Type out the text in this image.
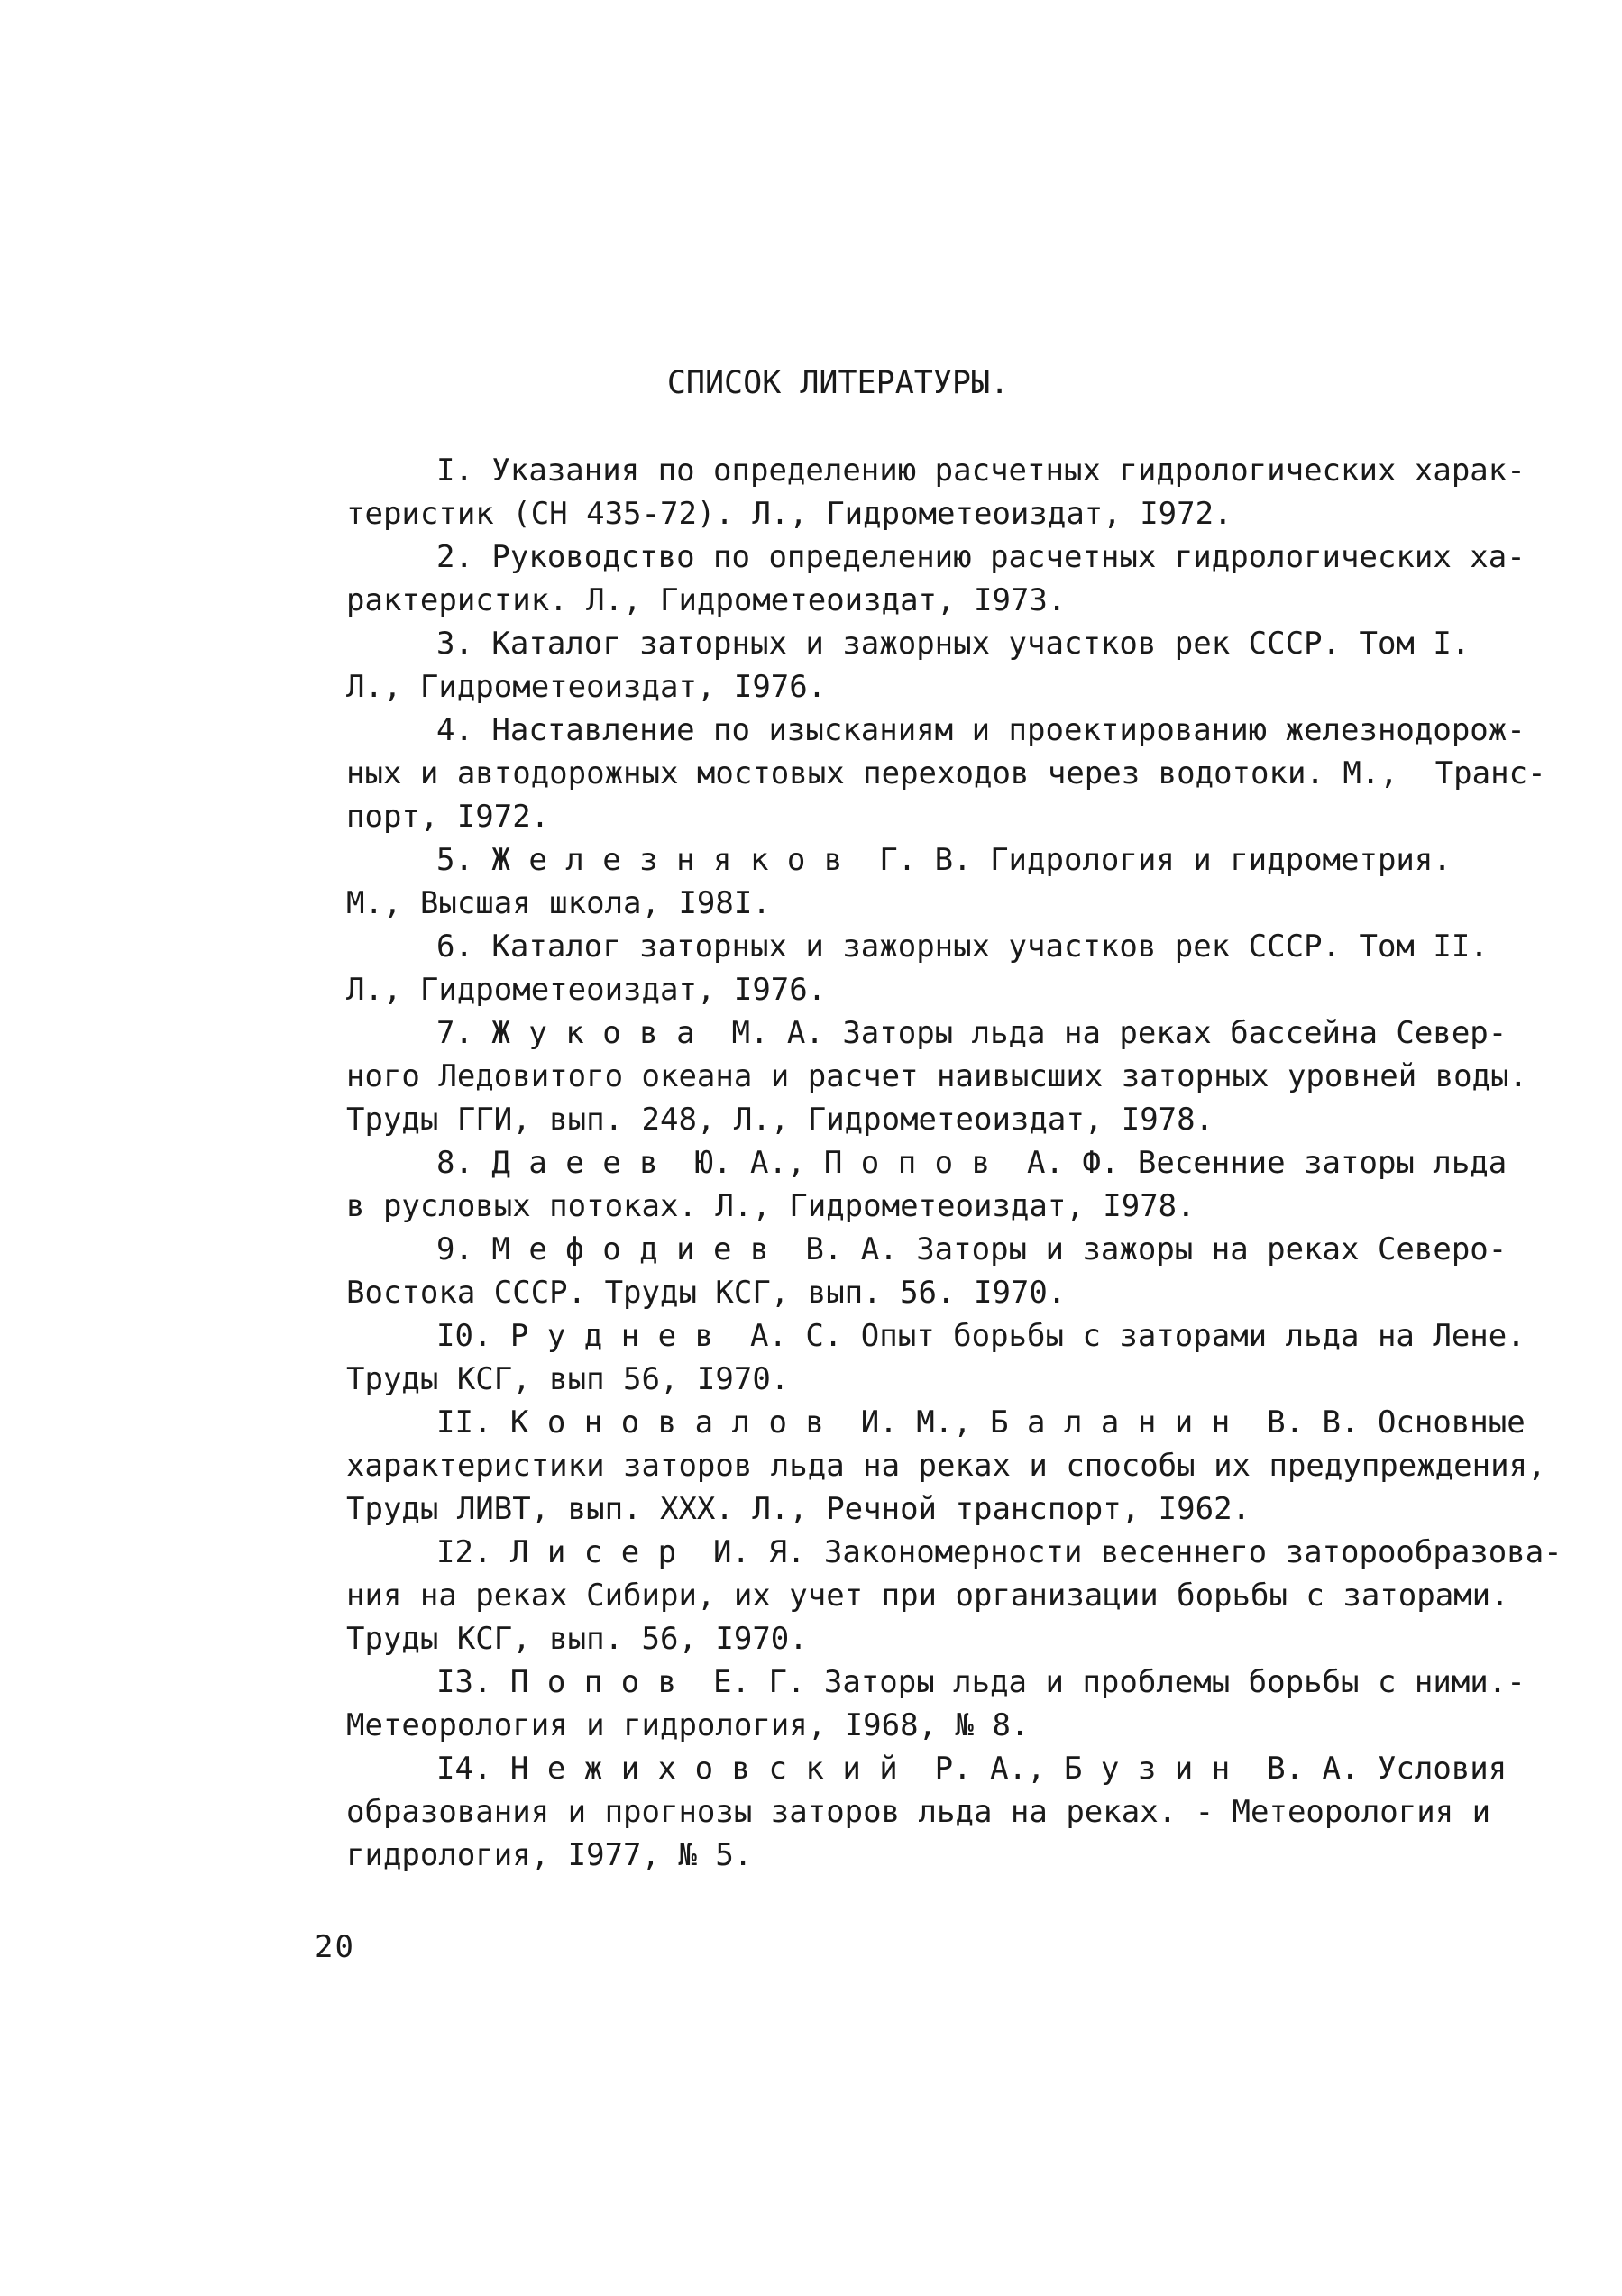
СПИСОК ЛИТЕРАТУРЫ.
I. Указания по определению расчетных гидрологических харак-
теристик (СН 435-72). Л., Гидрометеоиздат, I972.
2. Руководство по определению расчетных гидрологических ха-
рактеристик. Л., Гидрометеоиздат, I973.
3. Каталог заторных и зажорных участков рек СССР. Том I.
Л., Гидрометеоиздат, I976.
4. Наставление по изысканиям и проектированию железнодорож-
ных и автодорожных мостовых переходов через водотоки. М.,  Транс-
порт, I972.
5. Ж е л е з н я к о в  Г. В. Гидрология и гидрометрия.
М., Высшая школа, I98I.
6. Каталог заторных и зажорных участков рек СССР. Том II.
Л., Гидрометеоиздат, I976.
7. Ж у к о в а  М. А. Заторы льда на реках бассейна Север-
ного Ледовитого океана и расчет наивысших заторных уровней воды.
Труды ГГИ, вып. 248, Л., Гидрометеоиздат, I978.
8. Д а е е в  Ю. А., П о п о в  А. Ф. Весенние заторы льда
в русловых потоках. Л., Гидрометеоиздат, I978.
9. М е ф о д и е в  В. А. Заторы и зажоры на реках Северо-
Востока СССР. Труды КСГ, вып. 56. I970.
I0. Р у д н е в  А. С. Опыт борьбы с заторами льда на Лене.
Труды КСГ, вып 56, I970.
II. К о н о в а л о в  И. М., Б а л а н и н  В. В. Основные
характеристики заторов льда на реках и способы их предупреждения,
Труды ЛИВТ, вып. XXX. Л., Речной транспорт, I962.
I2. Л и с е р  И. Я. Закономерности весеннего заторообразова-
ния на реках Сибири, их учет при организации борьбы с заторами.
Труды КСГ, вып. 56, I970.
I3. П о п о в  Е. Г. Заторы льда и проблемы борьбы с ними.-
Метеорология и гидрология, I968, № 8.
I4. Н е ж и х о в с к и й  Р. А., Б у з и н  В. А. Условия
образования и прогнозы заторов льда на реках. - Метеорология и
гидрология, I977, № 5.
20
